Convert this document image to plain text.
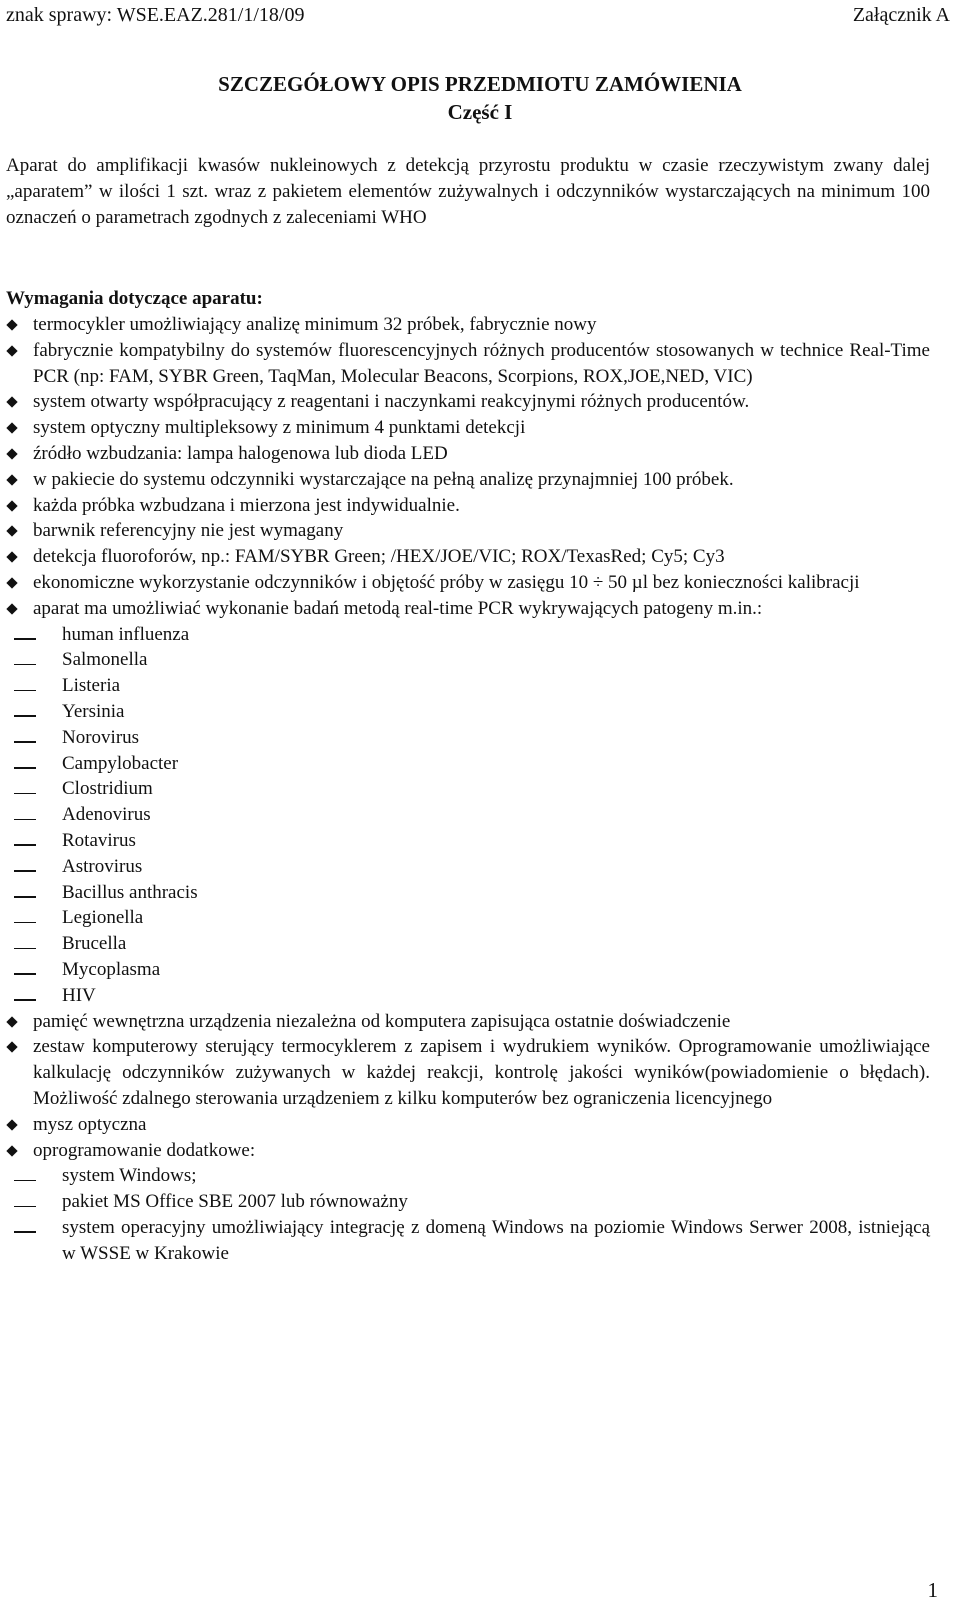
znak sprawy: WSE.EAZ.281/1/18/09	Załącznik A
SZCZEGÓŁOWY OPIS PRZEDMIOTU ZAMÓWIENIA
Część I

Aparat do amplifikacji kwasów nukleinowych z detekcją przyrostu produktu w czasie rzeczywistym zwany dalej „aparatem” w ilości 1 szt. wraz z pakietem elementów zużywalnych i odczynników wystarczających na minimum 100 oznaczeń o parametrach zgodnych z zaleceniami WHO

Wymagania dotyczące aparatu:
termocykler umożliwiający analizę minimum 32 próbek, fabrycznie nowy
fabrycznie kompatybilny do systemów fluorescencyjnych różnych producentów stosowanych w technice Real-Time PCR (np: FAM, SYBR Green, TaqMan, Molecular Beacons, Scorpions, ROX,JOE,NED, VIC)
system otwarty współpracujący z reagentani i naczynkami reakcyjnymi różnych producentów.
system optyczny multipleksowy z minimum 4 punktami detekcji
źródło wzbudzania: lampa halogenowa lub dioda LED
w pakiecie do systemu odczynniki wystarczające na pełną analizę przynajmniej 100 próbek.
każda próbka wzbudzana i mierzona jest indywidualnie.
barwnik referencyjny nie jest wymagany
detekcja fluoroforów, np.: FAM/SYBR Green; /HEX/JOE/VIC; ROX/TexasRed; Cy5; Cy3
ekonomiczne wykorzystanie odczynników i objętość próby w zasięgu 10 ÷ 50 µl bez konieczności kalibracji
aparat ma umożliwiać wykonanie badań metodą real-time PCR wykrywających patogeny m.in.:
human influenza
Salmonella
Listeria
Yersinia
Norovirus
Campylobacter
Clostridium
Adenovirus
Rotavirus
Astrovirus
Bacillus anthracis
Legionella
Brucella
Mycoplasma
HIV
pamięć wewnętrzna urządzenia niezależna od komputera zapisująca ostatnie doświadczenie
zestaw komputerowy sterujący termocyklerem z zapisem i wydrukiem wyników. Oprogramowanie umożliwiające kalkulację odczynników zużywanych w każdej reakcji, kontrolę jakości wyników(powiadomienie o błędach). Możliwość zdalnego sterowania urządzeniem z kilku komputerów bez ograniczenia licencyjnego
mysz optyczna
oprogramowanie dodatkowe:
system Windows;
pakiet MS Office SBE 2007 lub równoważny
system operacyjny umożliwiający integrację z domeną Windows na poziomie Windows Serwer 2008, istniejącą w WSSE w Krakowie
1
